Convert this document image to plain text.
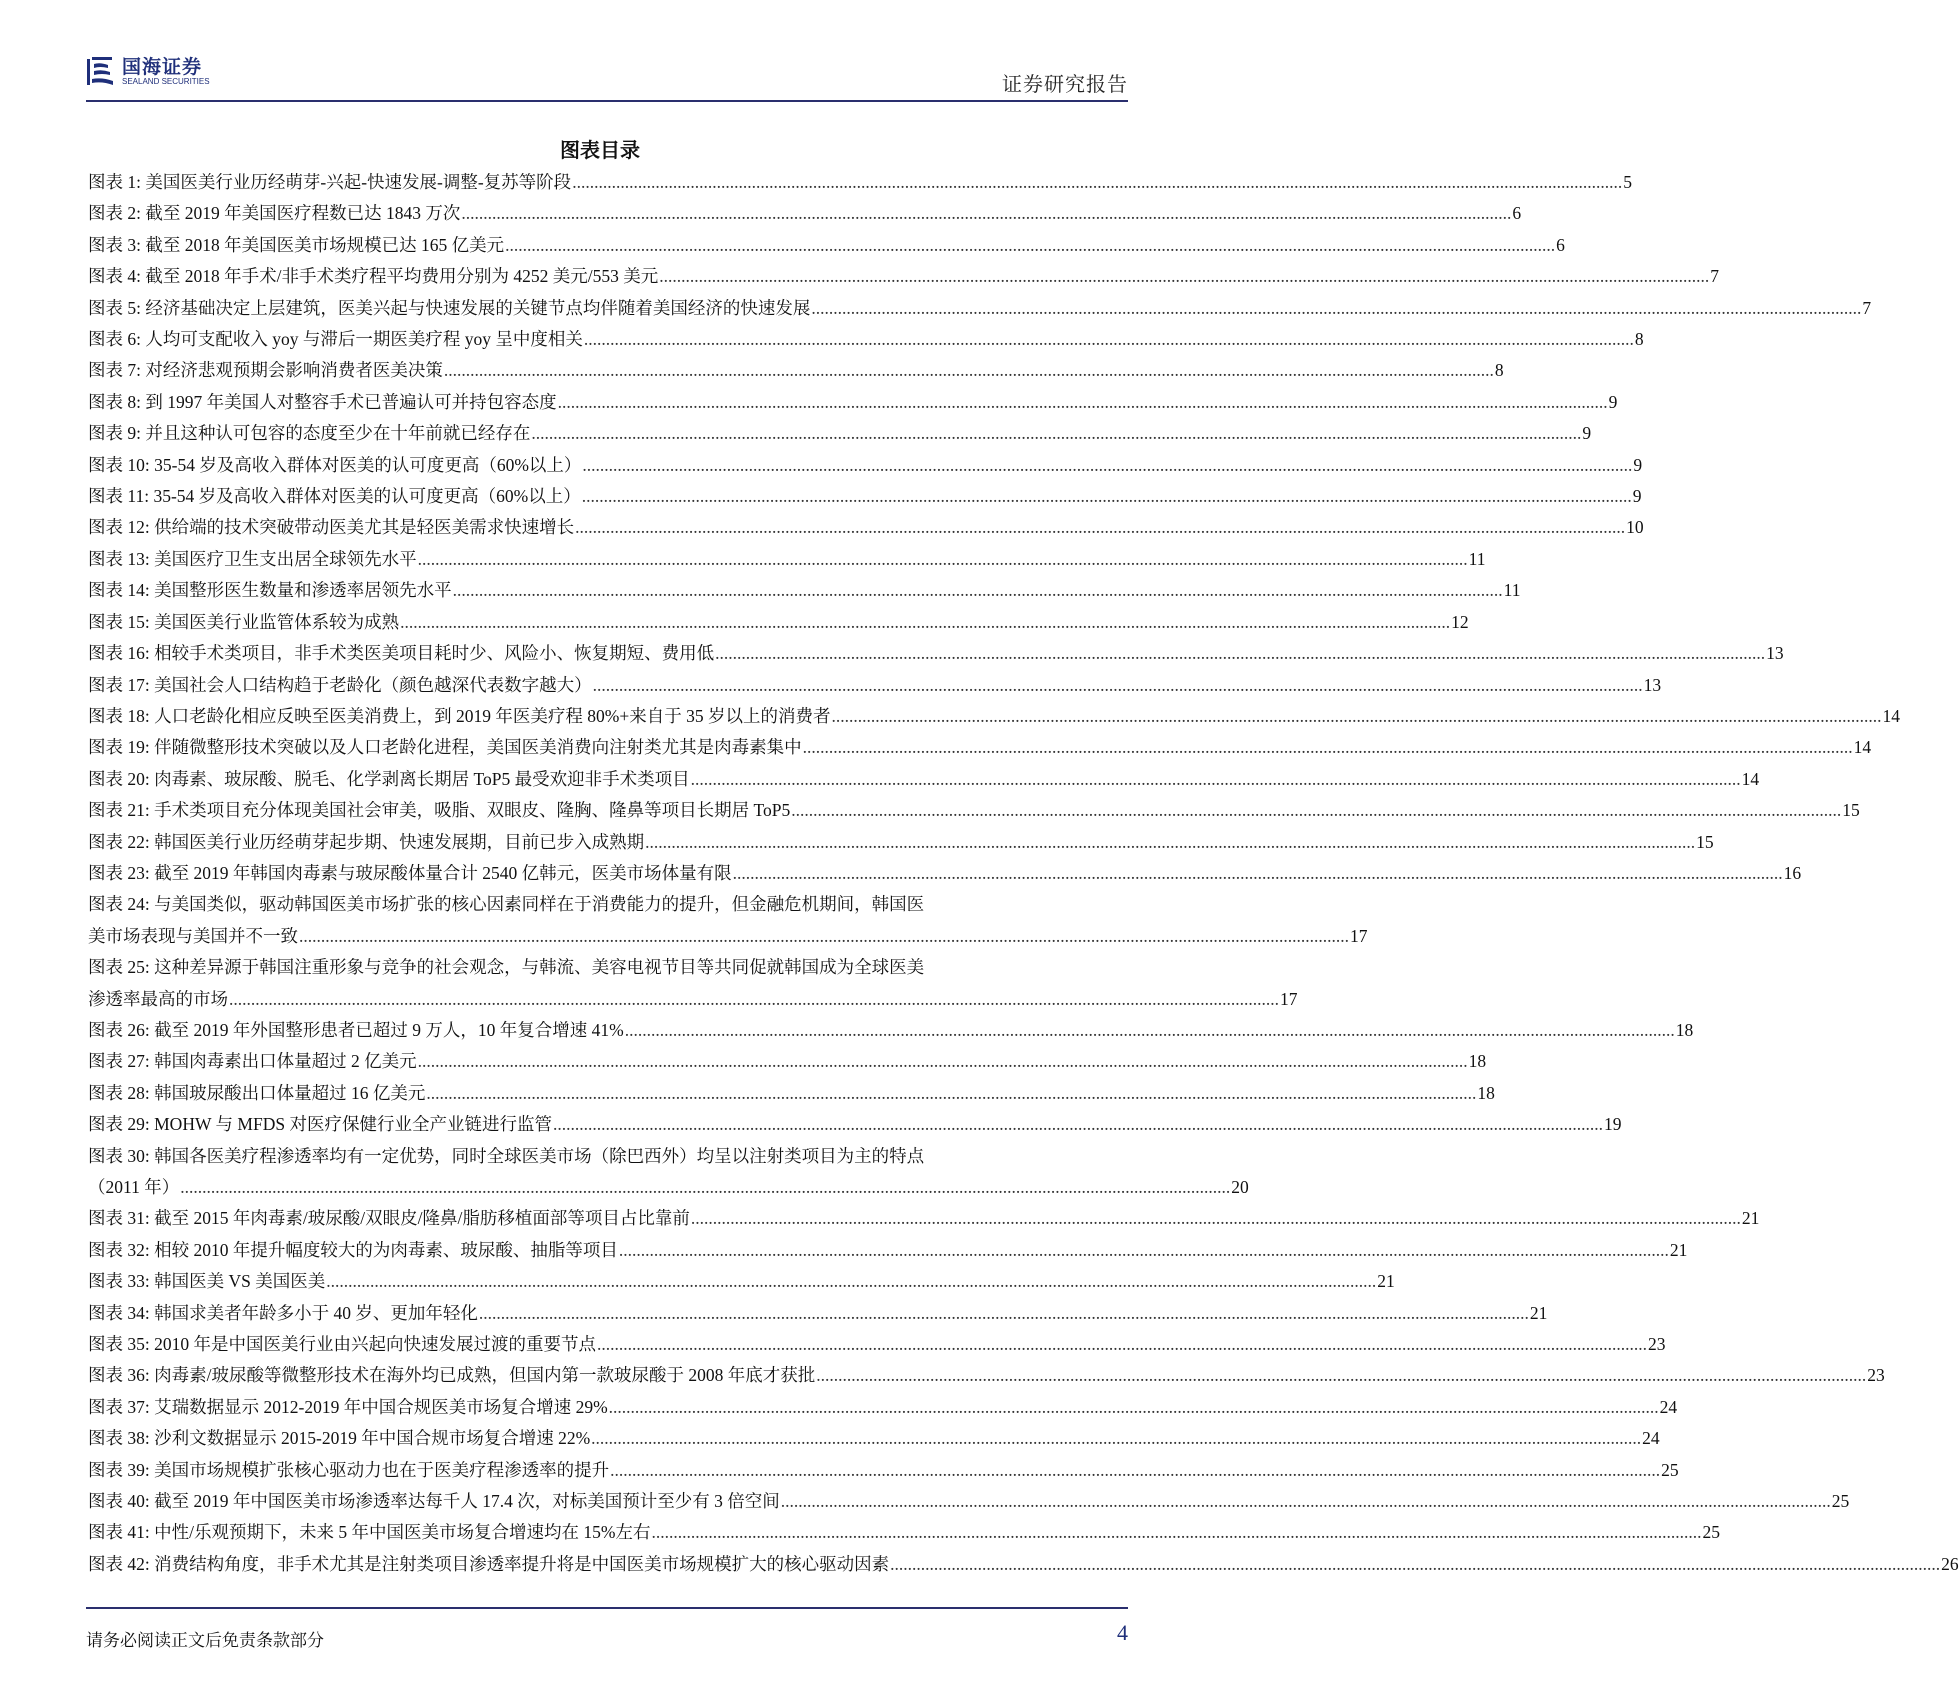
国海证券
SEALAND SECURITIES	证券研究报告
图表目录
图表 1:
美国医美行业历经萌芽-兴起-快速发展-调整-复苏等阶段 .....	5
图表 2:
截至 2019 年美国医疗程数已达 1843 万次 .....	6
图表 3:
截至 2018 年美国医美市场规模已达 165 亿美元 .....	6
图表 4:
截至 2018 年手术/非手术类疗程平均费用分别为 4252 美元/553 美元 .....	7
图表 5:
经济基础决定上层建筑，医美兴起与快速发展的关键节点均伴随着美国经济的快速发展 .....	7
图表 6:
人均可支配收入 yoy 与滞后一期医美疗程 yoy 呈中度相关 .....	8
图表 7:
对经济悲观预期会影响消费者医美决策 .....	8
图表 8:
到 1997 年美国人对整容手术已普遍认可并持包容态度 .....	9
图表 9:
并且这种认可包容的态度至少在十年前就已经存在 .....	9
图表 10:
35-54 岁及高收入群体对医美的认可度更高（60%以上） .....	9
图表 11:
35-54 岁及高收入群体对医美的认可度更高（60%以上） .....	9
图表 12:
供给端的技术突破带动医美尤其是轻医美需求快速增长 .....	10
图表 13:
美国医疗卫生支出居全球领先水平 .....	11
图表 14:
美国整形医生数量和渗透率居领先水平 .....	11
图表 15:
美国医美行业监管体系较为成熟 .....	12
图表 16:
相较手术类项目，非手术类医美项目耗时少、风险小、恢复期短、费用低 .....	13
图表 17:
美国社会人口结构趋于老龄化（颜色越深代表数字越大） .....	13
图表 18:
人口老龄化相应反映至医美消费上，到 2019 年医美疗程 80%+来自于 35 岁以上的消费者 .....	14
图表 19:
伴随微整形技术突破以及人口老龄化进程，美国医美消费向注射类尤其是肉毒素集中 .....	14
图表 20:
肉毒素、玻尿酸、脱毛、化学剥离长期居 ToP5 最受欢迎非手术类项目 .....	14
图表 21:
手术类项目充分体现美国社会审美，吸脂、双眼皮、隆胸、隆鼻等项目长期居 ToP5 .....	15
图表 22:
韩国医美行业历经萌芽起步期、快速发展期，目前已步入成熟期 .....	15
图表 23:
截至 2019 年韩国肉毒素与玻尿酸体量合计 2540 亿韩元，医美市场体量有限 .....	16
图表 24: 与美国类似，驱动韩国医美市场扩张的核心因素同样在于消费能力的提升，但金融危机期间，韩国医
美市场表现与美国并不一致 .....	17
图表 25: 这种差异源于韩国注重形象与竞争的社会观念，与韩流、美容电视节目等共同促就韩国成为全球医美
渗透率最高的市场 .....	17
图表 26:
截至 2019 年外国整形患者已超过 9 万人，10 年复合增速 41% .....	18
图表 27:
韩国肉毒素出口体量超过 2 亿美元 .....	18
图表 28:
韩国玻尿酸出口体量超过 16 亿美元 .....	18
图表 29:
MOHW 与 MFDS 对医疗保健行业全产业链进行监管 .....	19
图表 30: 韩国各医美疗程渗透率均有一定优势，同时全球医美市场（除巴西外）均呈以注射类项目为主的特点
（2011 年） .....	20
图表 31:
截至 2015 年肉毒素/玻尿酸/双眼皮/隆鼻/脂肪移植面部等项目占比靠前 .....	21
图表 32:
相较 2010 年提升幅度较大的为肉毒素、玻尿酸、抽脂等项目 .....	21
图表 33:
韩国医美 VS 美国医美 .....	21
图表 34:
韩国求美者年龄多小于 40 岁、更加年轻化 .....	21
图表 35:
2010 年是中国医美行业由兴起向快速发展过渡的重要节点 .....	23
图表 36:
肉毒素/玻尿酸等微整形技术在海外均已成熟，但国内第一款玻尿酸于 2008 年底才获批 .....	23
图表 37:
艾瑞数据显示 2012-2019 年中国合规医美市场复合增速 29% .....	24
图表 38:
沙利文数据显示 2015-2019 年中国合规市场复合增速 22% .....	24
图表 39:
美国市场规模扩张核心驱动力也在于医美疗程渗透率的提升 .....	25
图表 40:
截至 2019 年中国医美市场渗透率达每千人 17.4 次，对标美国预计至少有 3 倍空间 .....	25
图表 41:
中性/乐观预期下，未来 5 年中国医美市场复合增速均在 15%左右 .....	25
图表 42:
消费结构角度，非手术尤其是注射类项目渗透率提升将是中国医美市场规模扩大的核心驱动因素 .....	26
请务必阅读正文后免责条款部分	4
